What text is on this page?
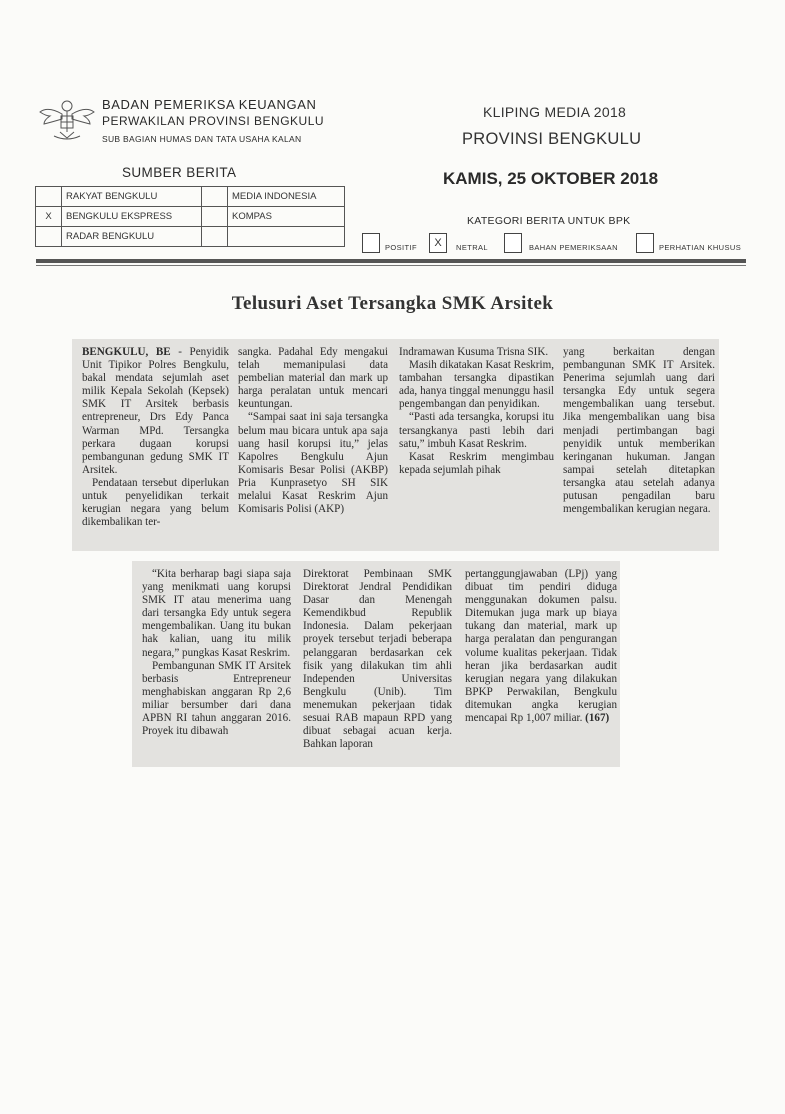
BADAN PEMERIKSA KEUANGAN
PERWAKILAN PROVINSI BENGKULU
SUB BAGIAN HUMAS DAN TATA USAHA KALAN
KLIPING MEDIA 2018
PROVINSI BENGKULU
KAMIS, 25 OKTOBER 2018
SUMBER BERITA
	RAKYAT BENGKULU		MEDIA INDONESIA
X	BENGKULU EKSPRESS		KOMPAS
	RADAR BENGKULU		
KATEGORI BERITA UNTUK BPK
POSITIF	X	NETRAL	BAHAN PEMERIKSAAN	PERHATIAN KHUSUS
Telusuri Aset Tersangka SMK Arsitek

BENGKULU, BE - Penyidik Unit Tipikor Polres Bengkulu, bakal mendata sejumlah aset milik Kepala Sekolah (Kepsek) SMK IT Arsitek berbasis entrepreneur, Drs Edy Panca Warman MPd. Tersangka perkara dugaan korupsi pembangunan gedung SMK IT Arsitek.

Pendataan tersebut diperlukan untuk penyelidikan terkait kerugian negara yang belum dikembalikan ter-

sangka. Padahal Edy mengakui telah memanipulasi data pembelian material dan mark up harga peralatan untuk mencari keuntungan.

“Sampai saat ini saja tersangka belum mau bicara untuk apa saja uang hasil korupsi itu,” jelas Kapolres Bengkulu Ajun Komisaris Besar Polisi (AKBP) Pria Kunprasetyo SH SIK melalui Kasat Reskrim Ajun Komisaris Polisi (AKP)

Indramawan Kusuma Trisna SIK.

Masih dikatakan Kasat Reskrim, tambahan tersangka dipastikan ada, hanya tinggal menunggu hasil pengembangan dan penyidikan.

“Pasti ada tersangka, korupsi itu tersangkanya pasti lebih dari satu,” imbuh Kasat Reskrim.

Kasat Reskrim mengimbau kepada sejumlah pihak

yang berkaitan dengan pembangunan SMK IT Arsitek. Penerima sejumlah uang dari tersangka Edy untuk segera mengembalikan uang tersebut. Jika mengembalikan uang bisa menjadi pertimbangan bagi penyidik untuk memberikan keringanan hukuman. Jangan sampai setelah ditetapkan tersangka atau setelah adanya putusan pengadilan baru mengembalikan kerugian negara.

“Kita berharap bagi siapa saja yang menikmati uang korupsi SMK IT atau menerima uang dari tersangka Edy untuk segera mengembalikan. Uang itu bukan hak kalian, uang itu milik negara,” pungkas Kasat Reskrim.

Pembangunan SMK IT Arsitek berbasis Entrepreneur menghabiskan anggaran Rp 2,6 miliar bersumber dari dana APBN RI tahun anggaran 2016. Proyek itu dibawah

Direktorat Pembinaan SMK Direktorat Jendral Pendidikan Dasar dan Menengah Kemendikbud Republik Indonesia. Dalam pekerjaan proyek tersebut terjadi beberapa pelanggaran berdasarkan cek fisik yang dilakukan tim ahli Independen Universitas Bengkulu (Unib). Tim menemukan pekerjaan tidak sesuai RAB mapaun RPD yang dibuat sebagai acuan kerja. Bahkan laporan

pertanggungjawaban (LPj) yang dibuat tim pendiri diduga menggunakan dokumen palsu. Ditemukan juga mark up biaya tukang dan material, mark up harga peralatan dan pengurangan volume kualitas pekerjaan. Tidak heran jika berdasarkan audit kerugian negara yang dilakukan BPKP Perwakilan, Bengkulu ditemukan angka kerugian mencapai Rp 1,007 miliar. (167)
